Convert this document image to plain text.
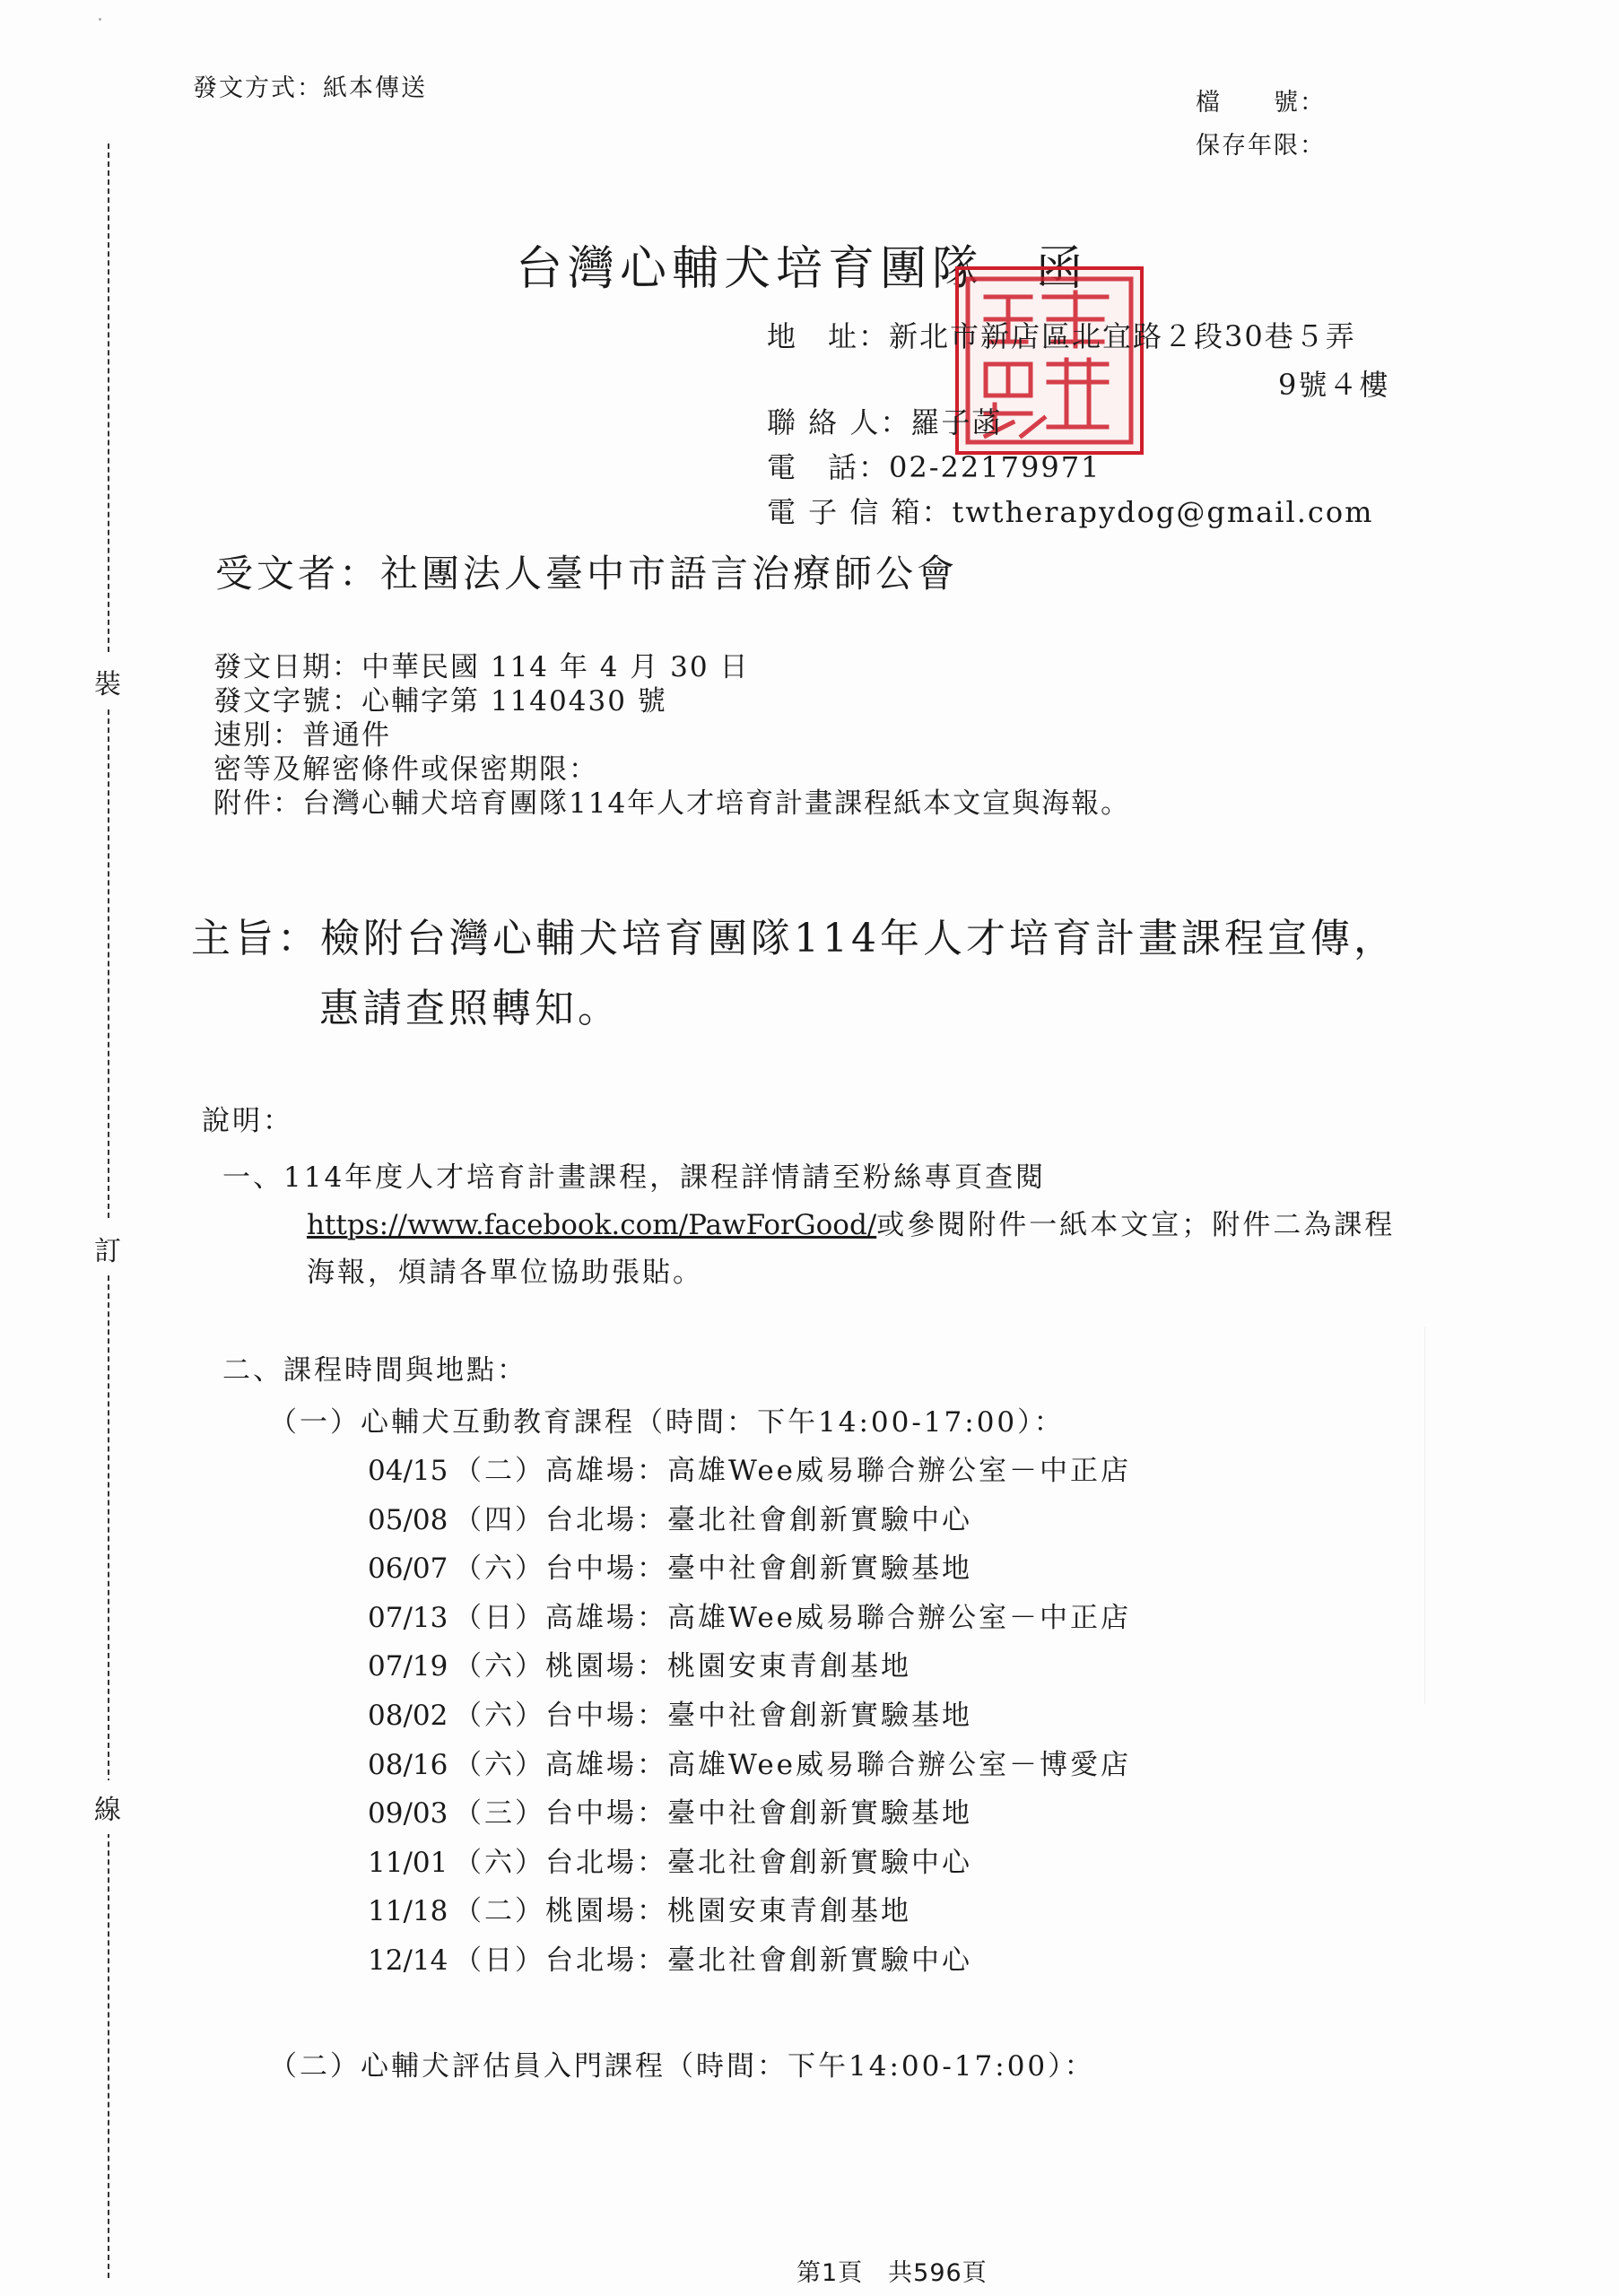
裝
訂
線
發文方式：紙本傳送
檔　　號：
保存年限：
台灣心輔犬培育團隊　函
地　址：新北市新店區北宜路２段30巷５弄
9號４樓
聯 絡 人：羅子菡
電　話：02-22179971
電 子 信 箱：twtherapydog@gmail.com
受文者：社團法人臺中市語言治療師公會
發文日期：中華民國 114 年 4 月 30 日
發文字號：心輔字第 1140430 號
速別：普通件
密等及解密條件或保密期限：
附件：台灣心輔犬培育團隊114年人才培育計畫課程紙本文宣與海報。
主旨：檢附台灣心輔犬培育團隊114年人才培育計畫課程宣傳，
惠請查照轉知。
說明：
一、114年度人才培育計畫課程，課程詳情請至粉絲專頁查閱
https://www.facebook.com/PawForGood/或參閱附件一紙本文宣；附件二為課程
海報，煩請各單位協助張貼。
二、課程時間與地點：
（一）心輔犬互動教育課程（時間：下午14:00-17:00）：
04/15 （二）高雄場：高雄Wee威易聯合辦公室－中正店
05/08 （四）台北場：臺北社會創新實驗中心
06/07 （六）台中場：臺中社會創新實驗基地
07/13 （日）高雄場：高雄Wee威易聯合辦公室－中正店
07/19 （六）桃園場：桃園安東青創基地
08/02 （六）台中場：臺中社會創新實驗基地
08/16 （六）高雄場：高雄Wee威易聯合辦公室－博愛店
09/03 （三）台中場：臺中社會創新實驗基地
11/01 （六）台北場：臺北社會創新實驗中心
11/18 （二）桃園場：桃園安東青創基地
12/14 （日）台北場：臺北社會創新實驗中心
（二）心輔犬評估員入門課程（時間：下午14:00-17:00）：
第1頁　共596頁
